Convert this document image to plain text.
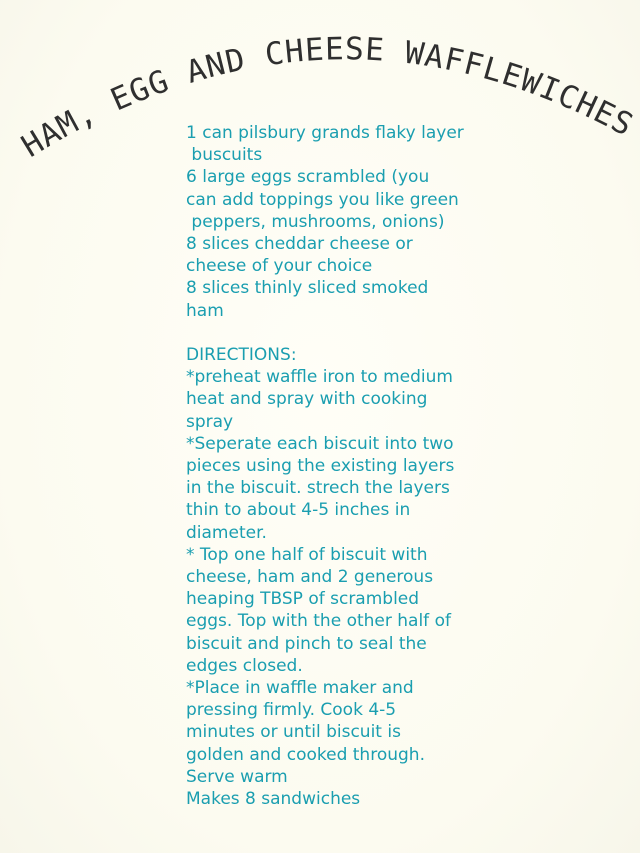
HAM, EGG AND CHEESE WAFFLEWICHES
1 can pilsbury grands flaky layer
buscuits
6 large eggs scrambled (you
can add toppings you like green
peppers, mushrooms, onions)
8 slices cheddar cheese or
cheese of your choice
8 slices thinly sliced smoked
ham

DIRECTIONS:
*preheat waffle iron to medium
heat and spray with cooking
spray
*Seperate each biscuit into two
pieces using the existing layers
in the biscuit. strech the layers
thin to about 4-5 inches in
diameter.
* Top one half of biscuit with
cheese, ham and 2 generous
heaping TBSP of scrambled
eggs. Top with the other half of
biscuit and pinch to seal the
edges closed.
*Place in waffle maker and
pressing firmly. Cook 4-5
minutes or until biscuit is
golden and cooked through.
Serve warm
Makes 8 sandwiches
